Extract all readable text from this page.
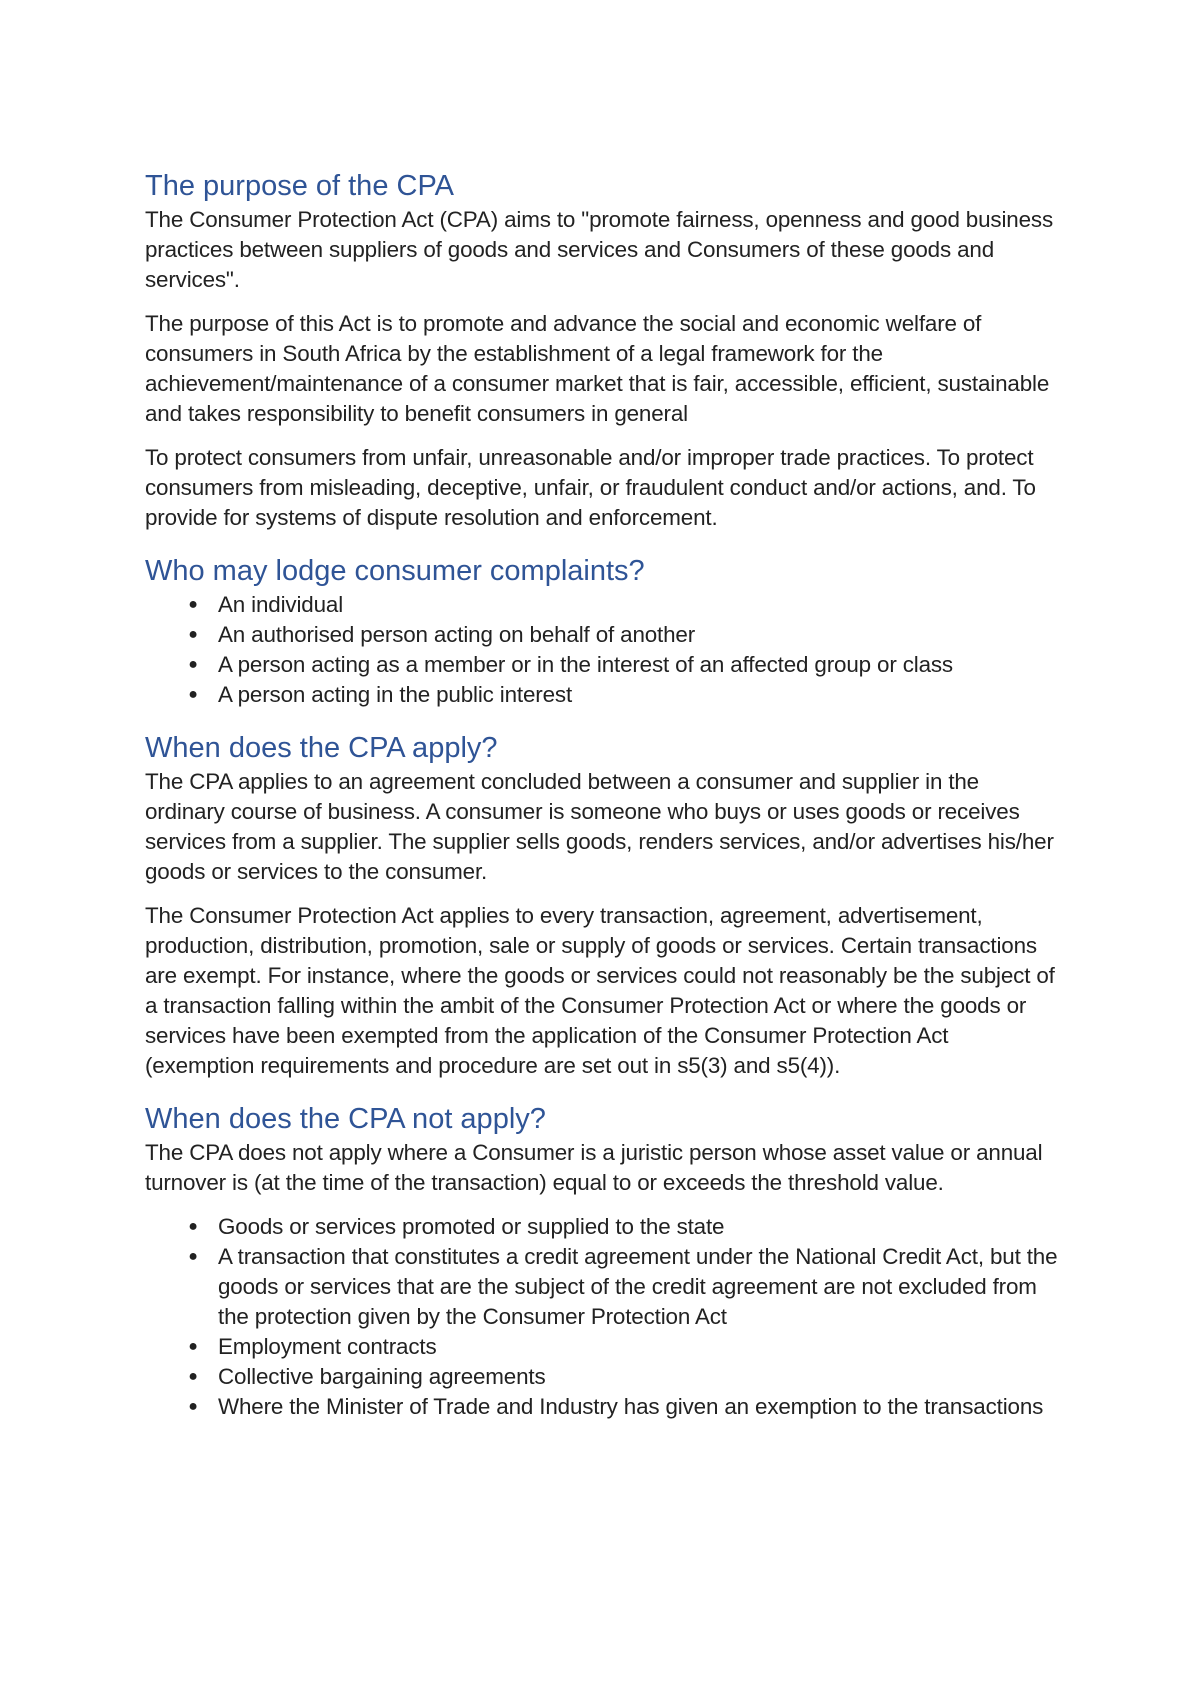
The purpose of the CPA

The Consumer Protection Act (CPA) aims to "promote fairness, openness and good business practices between suppliers of goods and services and Consumers of these goods and services".

The purpose of this Act is to promote and advance the social and economic welfare of consumers in South Africa by the establishment of a legal framework for the achievement/maintenance of a consumer market that is fair, accessible, efficient, sustainable and takes responsibility to benefit consumers in general

To protect consumers from unfair, unreasonable and/or improper trade practices. To protect consumers from misleading, deceptive, unfair, or fraudulent conduct and/or actions, and. To provide for systems of dispute resolution and enforcement.

Who may lodge consumer complaints?
● An individual
● An authorised person acting on behalf of another
● A person acting as a member or in the interest of an affected group or class
● A person acting in the public interest
When does the CPA apply?

The CPA applies to an agreement concluded between a consumer and supplier in the ordinary course of business. A consumer is someone who buys or uses goods or receives services from a supplier. The supplier sells goods, renders services, and/or advertises his/her goods or services to the consumer.

The Consumer Protection Act applies to every transaction, agreement, advertisement, production, distribution, promotion, sale or supply of goods or services. Certain transactions are exempt. For instance, where the goods or services could not reasonably be the subject of a transaction falling within the ambit of the Consumer Protection Act or where the goods or services have been exempted from the application of the Consumer Protection Act (exemption requirements and procedure are set out in s5(3) and s5(4)).

When does the CPA not apply?

The CPA does not apply where a Consumer is a juristic person whose asset value or annual turnover is (at the time of the transaction) equal to or exceeds the threshold value.

● Goods or services promoted or supplied to the state
● A transaction that constitutes a credit agreement under the National Credit Act, but the goods or services that are the subject of the credit agreement are not excluded from the protection given by the Consumer Protection Act
● Employment contracts
● Collective bargaining agreements
● Where the Minister of Trade and Industry has given an exemption to the transactions
